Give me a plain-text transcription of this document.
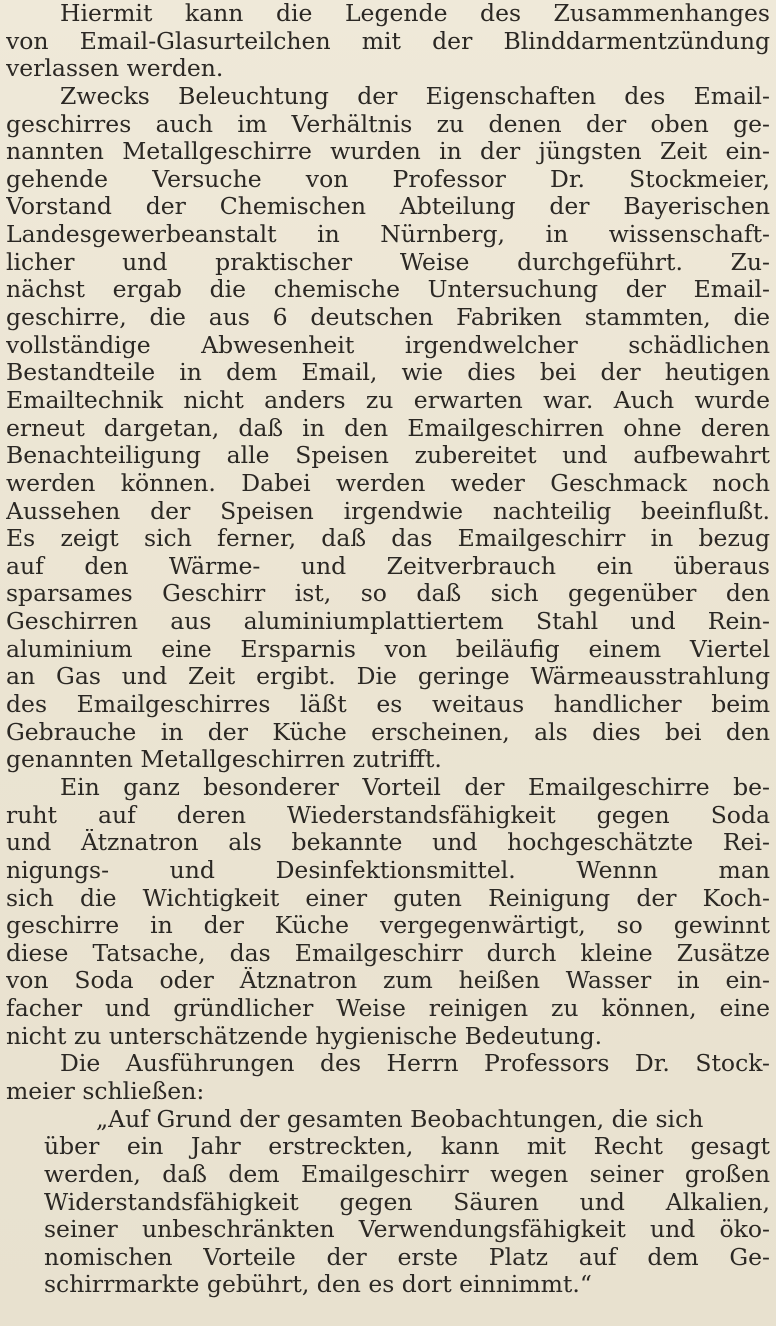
Hiermit kann die Legende des Zusammenhanges
von Email-Glasurteilchen mit der Blinddarmentzündung
verlassen werden.
Zwecks Beleuchtung der Eigenschaften des Email-
geschirres auch im Verhältnis zu denen der oben ge-
nannten Metallgeschirre wurden in der jüngsten Zeit ein-
gehende Versuche von Professor Dr. Stockmeier,
Vorstand der Chemischen Abteilung der Bayerischen
Landesgewerbeanstalt in Nürnberg, in wissenschaft-
licher und praktischer Weise durchgeführt. Zu-
nächst ergab die chemische Untersuchung der Email-
geschirre, die aus 6 deutschen Fabriken stammten, die
vollständige Abwesenheit irgendwelcher schädlichen
Bestandteile in dem Email, wie dies bei der heutigen
Emailtechnik nicht anders zu erwarten war. Auch wurde
erneut dargetan, daß in den Emailgeschirren ohne deren
Benachteiligung alle Speisen zubereitet und aufbewahrt
werden können. Dabei werden weder Geschmack noch
Aussehen der Speisen irgendwie nachteilig beeinflußt.
Es zeigt sich ferner, daß das Emailgeschirr in bezug
auf den Wärme- und Zeitverbrauch ein überaus
sparsames Geschirr ist, so daß sich gegenüber den
Geschirren aus aluminiumplattiertem Stahl und Rein-
aluminium eine Ersparnis von beiläufig einem Viertel
an Gas und Zeit ergibt. Die geringe Wärmeausstrahlung
des Emailgeschirres läßt es weitaus handlicher beim
Gebrauche in der Küche erscheinen, als dies bei den
genannten Metallgeschirren zutrifft.
Ein ganz besonderer Vorteil der Emailgeschirre be-
ruht auf deren Wiederstandsfähigkeit gegen Soda
und Ätznatron als bekannte und hochgeschätzte Rei-
nigungs- und Desinfektionsmittel. Wennn man
sich die Wichtigkeit einer guten Reinigung der Koch-
geschirre in der Küche vergegenwärtigt, so gewinnt
diese Tatsache, das Emailgeschirr durch kleine Zusätze
von Soda oder Ätznatron zum heißen Wasser in ein-
facher und gründlicher Weise reinigen zu können, eine
nicht zu unterschätzende hygienische Bedeutung.
Die Ausführungen des Herrn Professors Dr. Stock-
meier schließen:
„Auf Grund der gesamten Beobachtungen, die sich
über ein Jahr erstreckten, kann mit Recht gesagt
werden, daß dem Emailgeschirr wegen seiner großen
Widerstandsfähigkeit gegen Säuren und Alkalien,
seiner unbeschränkten Verwendungsfähigkeit und öko-
nomischen Vorteile der erste Platz auf dem Ge-
schirrmarkte gebührt, den es dort einnimmt.“
